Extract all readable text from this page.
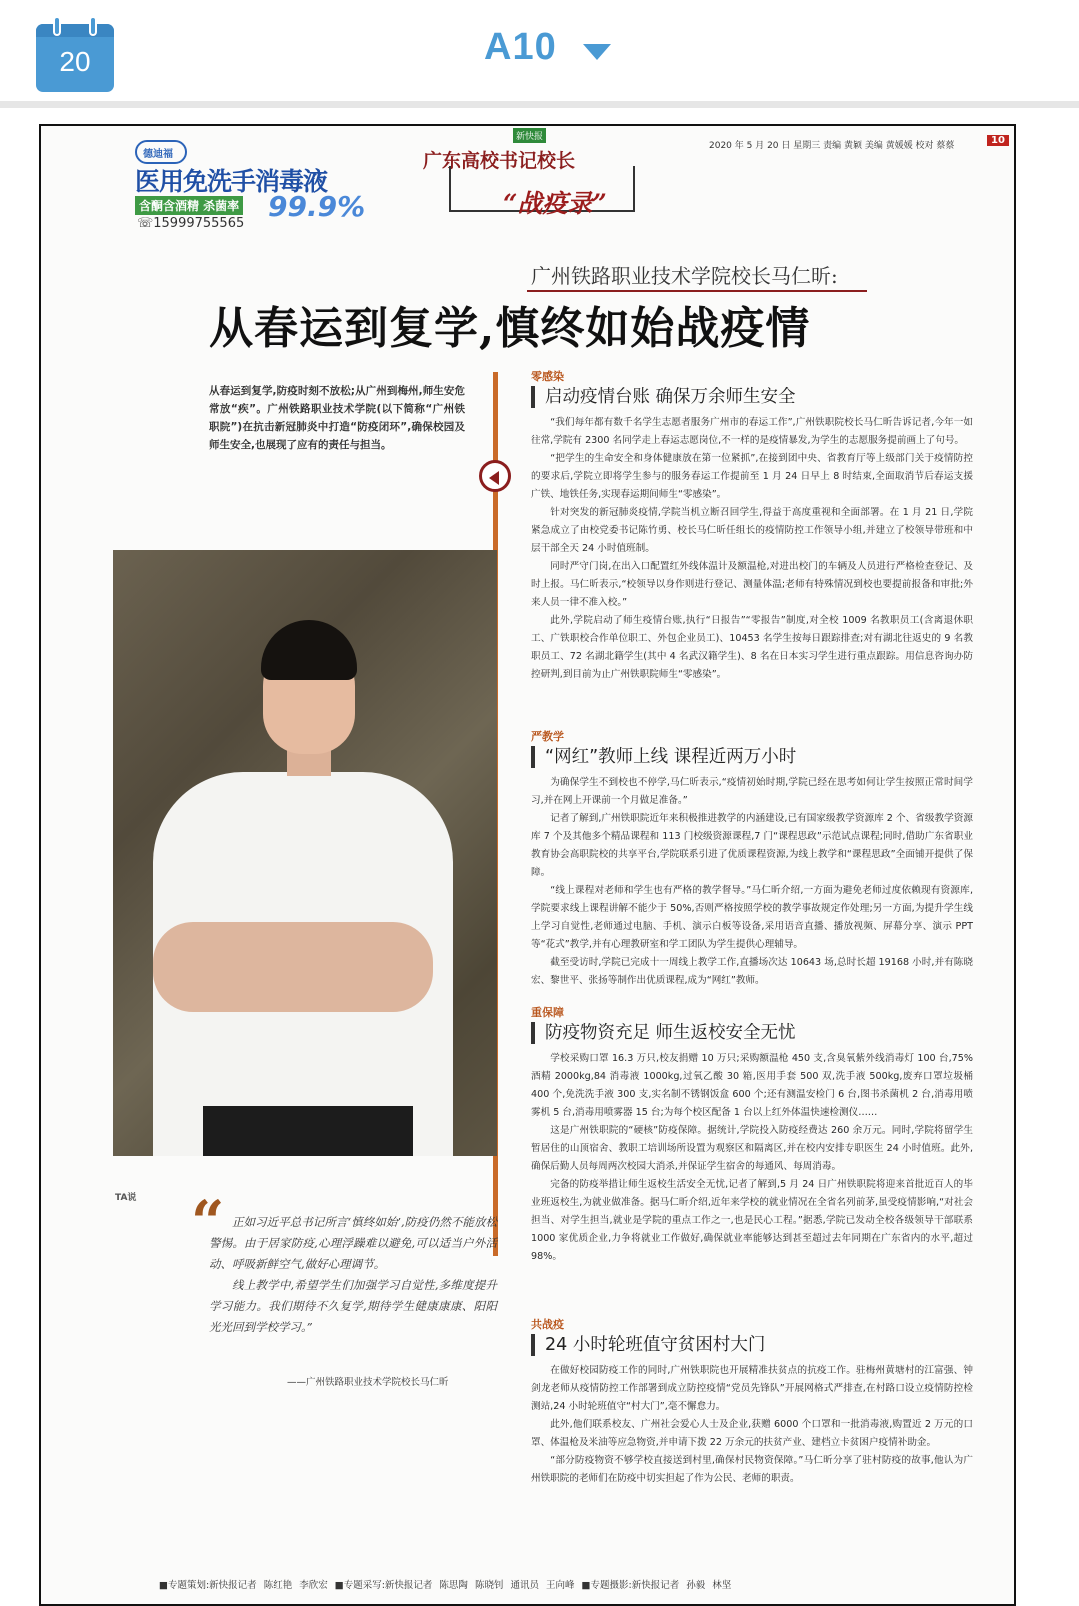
20	A10
德迪福
医用免洗手消毒液
含酮含酒精 杀菌率 99.9%
☏15999755565
新快报
广东高校书记校长
“战疫录”
2020 年 5 月 20 日 星期三 责编 黄颖 美编 黄媛媛 校对 蔡蔡	10
广州铁路职业技术学院校长马仁昕:
从春运到复学,慎终如始战疫情
从春运到复学,防疫时刻不放松;从广州到梅州,师生安危常放“疾”。广州铁路职业技术学院(以下简称“广州铁职院”)在抗击新冠肺炎中打造“防疫闭环”,确保校园及师生安全,也展现了应有的责任与担当。
TA说 “ 正如习近平总书记所言‘慎终如始’,防疫仍然不能放松警惕。由于居家防疫,心理浮躁难以避免,可以适当户外活动、呼吸新鲜空气,做好心理调节。

线上教学中,希望学生们加强学习自觉性,多维度提升学习能力。我们期待不久复学,期待学生健康康康、阳阳光光回到学校学习。”

——广州铁路职业技术学院校长马仁昕
零感染
启动疫情台账 确保万余师生安全

“我们每年都有数千名学生志愿者服务广州市的春运工作”,广州铁职院校长马仁昕告诉记者,今年一如往常,学院有 2300 名同学走上春运志愿岗位,不一样的是疫情暴发,为学生的志愿服务提前画上了句号。

“把学生的生命安全和身体健康放在第一位紧抓”,在接到团中央、省教育厅等上级部门关于疫情防控的要求后,学院立即将学生参与的服务春运工作提前至 1 月 24 日早上 8 时结束,全面取消节后春运支援广铁、地铁任务,实现春运期间师生“零感染”。

针对突发的新冠肺炎疫情,学院当机立断召回学生,得益于高度重视和全面部署。在 1 月 21 日,学院紧急成立了由校党委书记陈竹勇、校长马仁昕任组长的疫情防控工作领导小组,并建立了校领导带班和中层干部全天 24 小时值班制。

同时严守门岗,在出入口配置红外线体温计及额温枪,对进出校门的车辆及人员进行严格检查登记、及时上报。马仁昕表示,“校领导以身作则进行登记、测量体温;老师有特殊情况到校也要提前报备和审批;外来人员一律不准入校。”

此外,学院启动了师生疫情台账,执行“日报告”“零报告”制度,对全校 1009 名教职员工(含离退休职工、广铁职校合作单位职工、外包企业员工)、10453 名学生按每日跟踪排查;对有湖北往返史的 9 名教职员工、72 名湖北籍学生(其中 4 名武汉籍学生)、8 名在日本实习学生进行重点跟踪。用信息咨询办防控研判,到目前为止广州铁职院师生“零感染”。

严教学
“网红”教师上线 课程近两万小时

为确保学生不到校也不停学,马仁昕表示,“疫情初始时期,学院已经在思考如何让学生按照正常时间学习,并在网上开课前一个月做足准备。”

记者了解到,广州铁职院近年来积极推进教学的内涵建设,已有国家级教学资源库 2 个、省级教学资源库 7 个及其他多个精品课程和 113 门校级资源课程,7 门“课程思政”示范试点课程;同时,借助广东省职业教育协会高职院校的共享平台,学院联系引进了优质课程资源,为线上教学和“课程思政”全面铺开提供了保障。

“线上课程对老师和学生也有严格的教学督导。”马仁昕介绍,一方面为避免老师过度依赖现有资源库,学院要求线上课程讲解不能少于 50%,否则严格按照学校的教学事故规定作处理;另一方面,为提升学生线上学习自觉性,老师通过电脑、手机、演示白板等设备,采用语音直播、播放视频、屏幕分享、演示 PPT 等“花式”教学,并有心理教研室和学工团队为学生提供心理辅导。

截至受访时,学院已完成十一周线上教学工作,直播场次达 10643 场,总时长超 19168 小时,并有陈晓宏、黎世平、张扬等制作出优质课程,成为“网红”教师。

重保障
防疫物资充足 师生返校安全无忧

学校采购口罩 16.3 万只,校友捐赠 10 万只;采购额温枪 450 支,含臭氧紫外线消毒灯 100 台,75%酒精 2000kg,84 消毒液 1000kg,过氧乙酸 30 箱,医用手套 500 双,洗手液 500kg,废弃口罩垃圾桶 400 个,免洗洗手液 300 支,实名制不锈钢饭盒 600 个;还有测温安检门 6 台,图书杀菌机 2 台,消毒用喷雾机 5 台,消毒用喷雾器 15 台;为每个校区配备 1 台以上红外体温快速检测仪……

这是广州铁职院的“硬核”防疫保障。据统计,学院投入防疫经费达 260 余万元。同时,学院将留学生暂居住的山顶宿舍、教职工培训场所设置为观察区和隔离区,并在校内安排专职医生 24 小时值班。此外,确保后勤人员每周两次校园大消杀,并保证学生宿舍的每通风、每周消毒。

完备的防疫举措让师生返校生活安全无忧,记者了解到,5 月 24 日广州铁职院将迎来首批近百人的毕业班返校生,为就业做准备。据马仁昕介绍,近年来学校的就业情况在全省名列前茅,虽受疫情影响,“对社会担当、对学生担当,就业是学院的重点工作之一,也是民心工程。”据悉,学院已发动全校各级领导干部联系 1000 家优质企业,力争将就业工作做好,确保就业率能够达到甚至超过去年同期在广东省内的水平,超过 98%。

共战疫
24 小时轮班值守贫困村大门

在做好校园防疫工作的同时,广州铁职院也开展精准扶贫点的抗疫工作。驻梅州黄塘村的江富强、钟剑龙老师从疫情防控工作部署到成立防控疫情“党员先锋队”开展网格式严排查,在村路口设立疫情防控检测站,24 小时轮班值守“村大门”,毫不懈怠力。

此外,他们联系校友、广州社会爱心人士及企业,获赠 6000 个口罩和一批消毒液,购置近 2 万元的口罩、体温枪及米油等应急物资,并申请下拨 22 万余元的扶贫产业、建档立卡贫困户疫情补助金。

“部分防疫物资不够学校直接送到村里,确保村民物资保障。”马仁昕分享了驻村防疫的故事,他认为广州铁职院的老师们在防疫中切实担起了作为公民、老师的职责。

■专题策划:新快报记者 陈红艳 李欣宏 ■专题采写:新快报记者 陈思陶 陈晓钊 通讯员 王向峰 ■专题摄影:新快报记者 孙毅 林坚
